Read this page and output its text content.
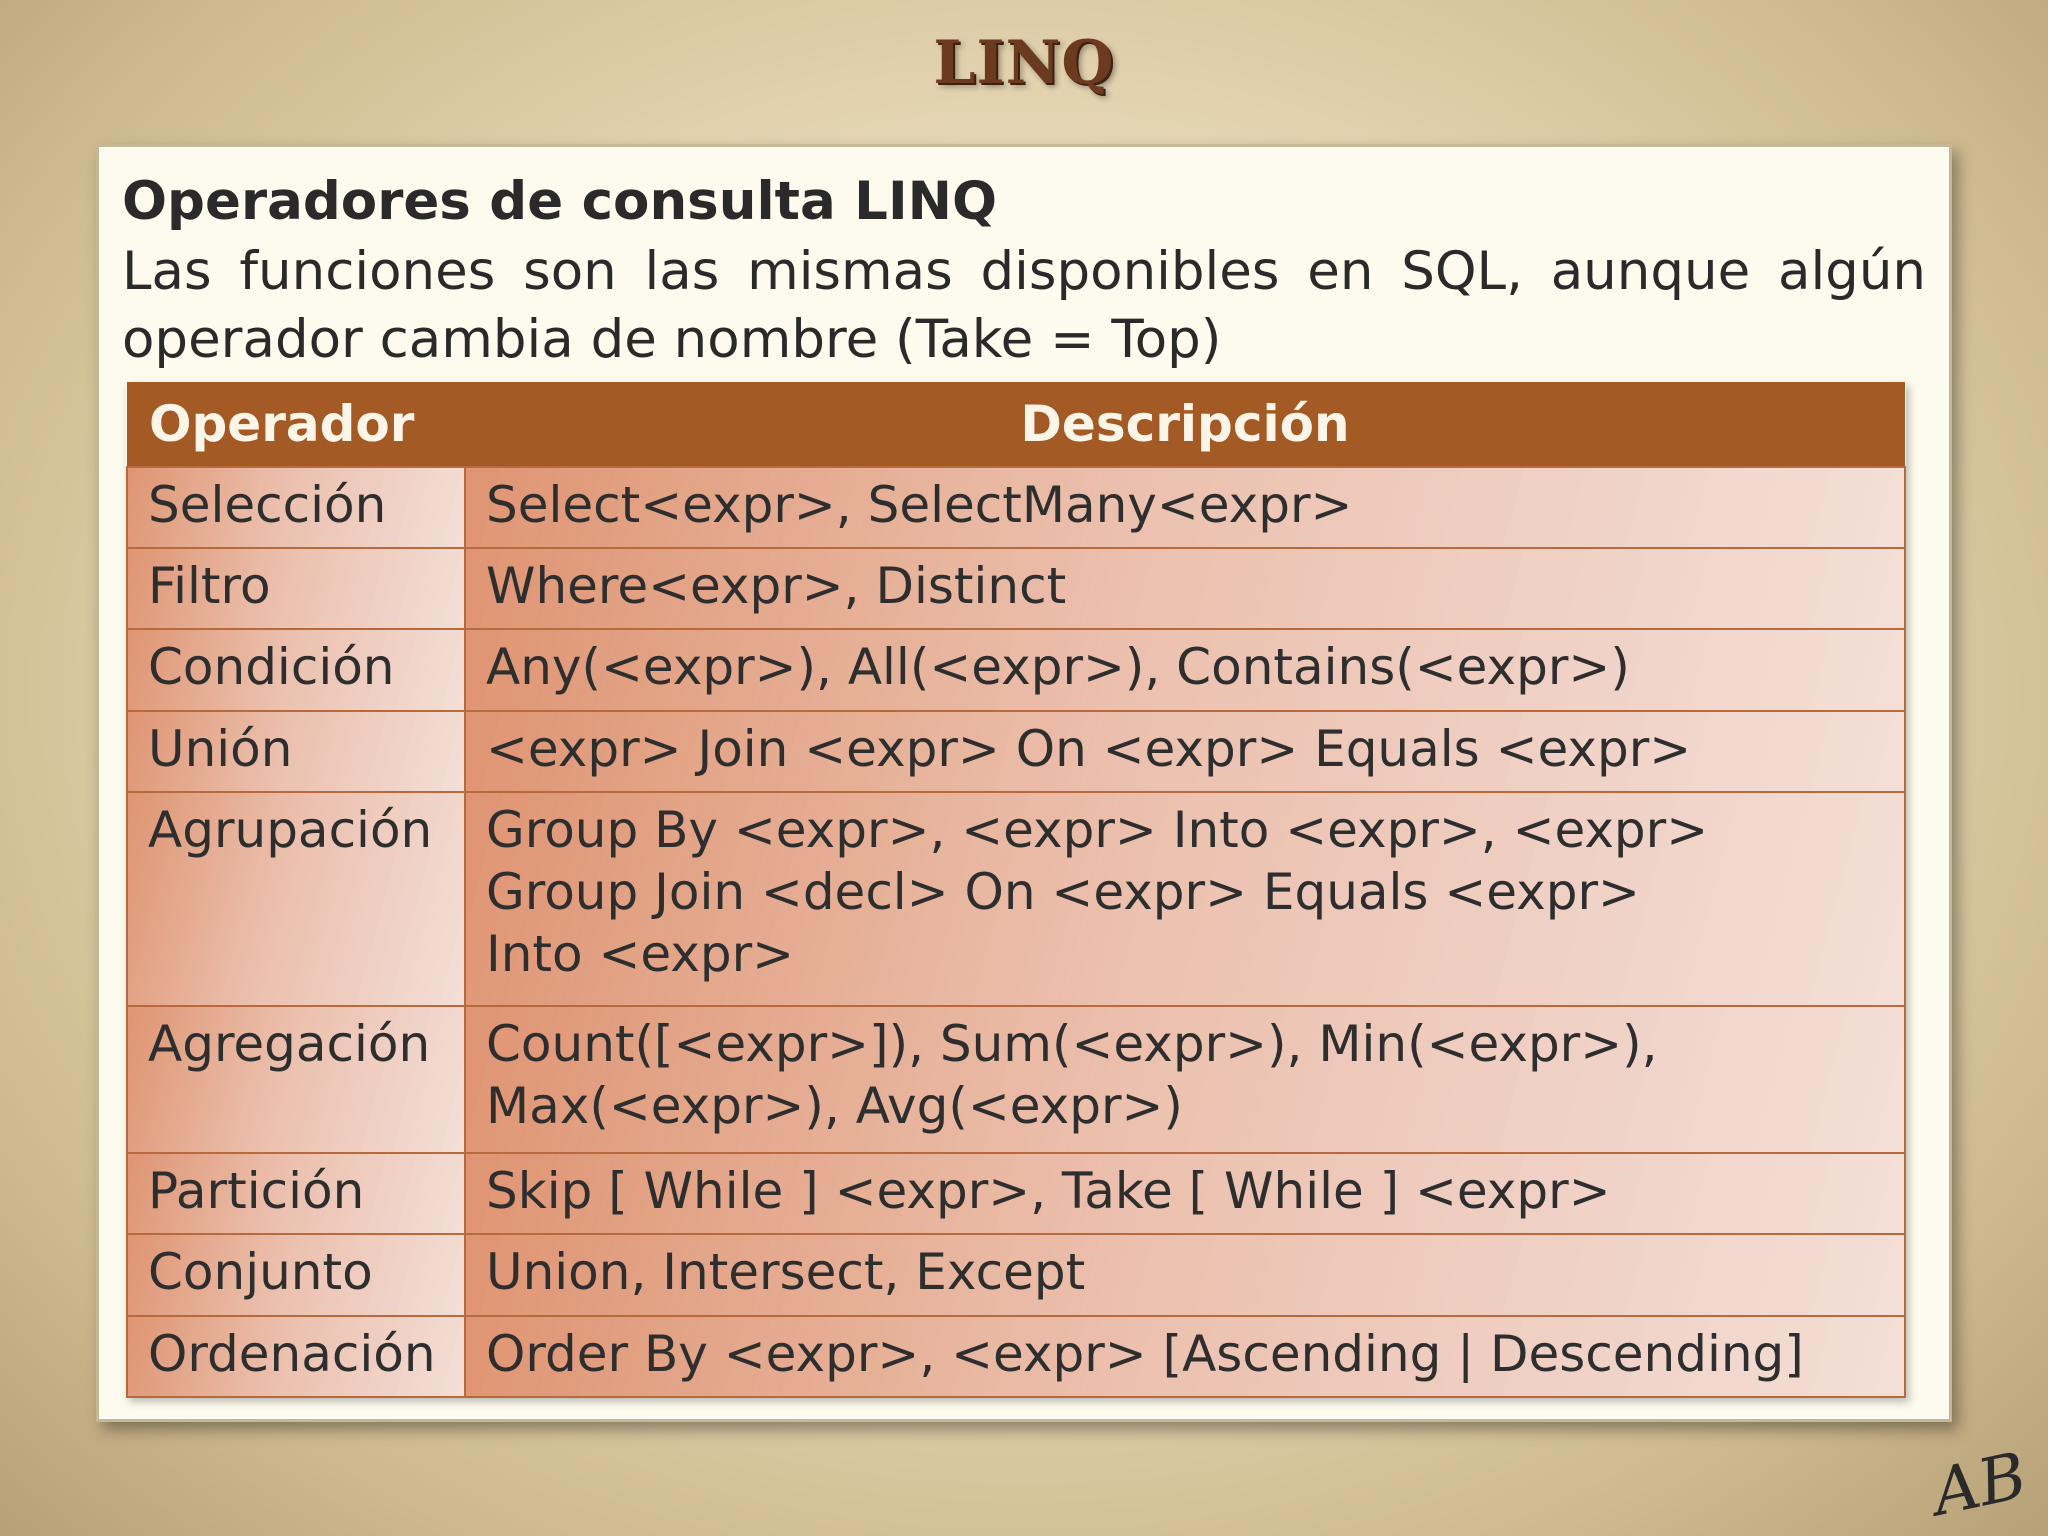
LINQ
Operadores de consulta LINQ
Las funciones son las mismas disponibles en SQL, aunque algún operador cambia de nombre (Take = Top)
Operador	Descripción
Selección	Select<expr>, SelectMany<expr>

Filtro	Where<expr>, Distinct

Condición	Any(<expr>), All(<expr>), Contains(<expr>)

Unión	<expr> Join <expr> On <expr> Equals <expr>

Agrupación	Group By <expr>, <expr> Into <expr>, <expr>
Group Join <decl> On <expr> Equals <expr>
Into <expr>

Agregación	Count([<expr>]), Sum(<expr>), Min(<expr>),
Max(<expr>), Avg(<expr>)

Partición	Skip [ While ] <expr>, Take [ While ] <expr>

Conjunto	Union, Intersect, Except

Ordenación	Order By <expr>, <expr> [Ascending | Descending]
AB
